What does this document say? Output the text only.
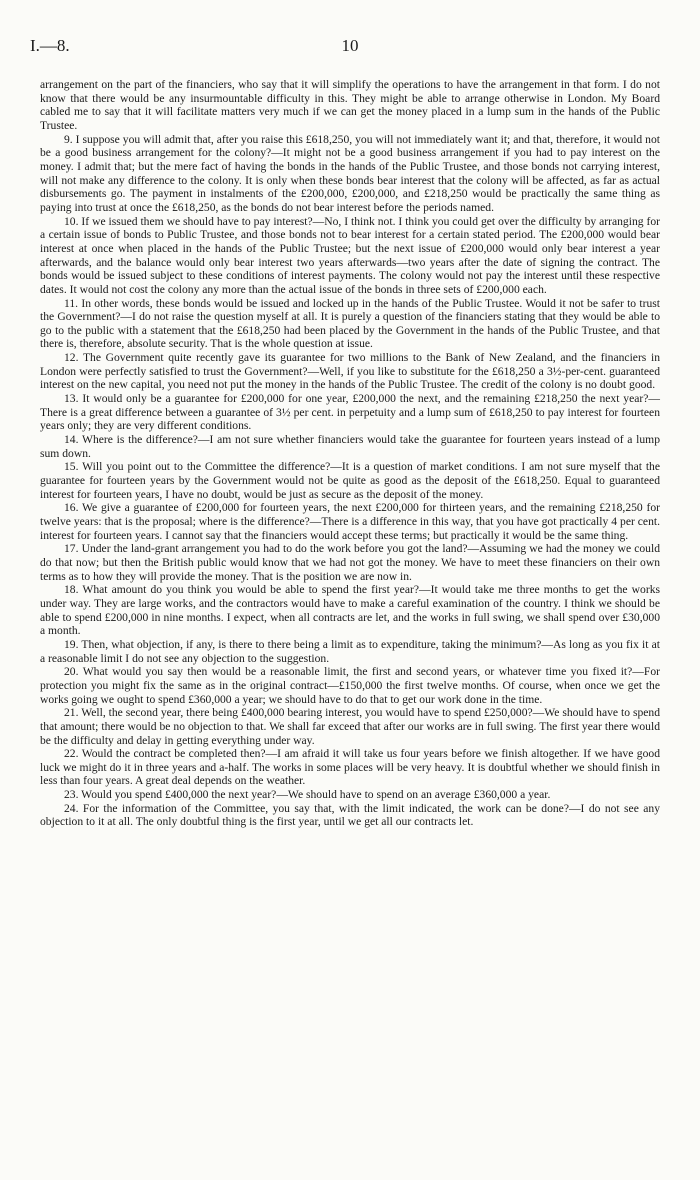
I.—8.	10

arrangement on the part of the financiers, who say that it will simplify the operations to have the arrangement in that form. I do not know that there would be any insurmountable difficulty in this. They might be able to arrange otherwise in London. My Board cabled me to say that it will facilitate matters very much if we can get the money placed in a lump sum in the hands of the Public Trustee.

9. I suppose you will admit that, after you raise this £618,250, you will not immediately want it; and that, therefore, it would not be a good business arrangement for the colony?—It might not be a good business arrangement if you had to pay interest on the money. I admit that; but the mere fact of having the bonds in the hands of the Public Trustee, and those bonds not carrying interest, will not make any difference to the colony. It is only when these bonds bear interest that the colony will be affected, as far as actual disbursements go. The payment in instalments of the £200,000, £200,000, and £218,250 would be practically the same thing as paying into trust at once the £618,250, as the bonds do not bear interest before the periods named.

10. If we issued them we should have to pay interest?—No, I think not. I think you could get over the difficulty by arranging for a certain issue of bonds to Public Trustee, and those bonds not to bear interest for a certain stated period. The £200,000 would bear interest at once when placed in the hands of the Public Trustee; but the next issue of £200,000 would only bear interest a year afterwards, and the balance would only bear interest two years afterwards—two years after the date of signing the contract. The bonds would be issued subject to these conditions of interest payments. The colony would not pay the interest until these respective dates. It would not cost the colony any more than the actual issue of the bonds in three sets of £200,000 each.

11. In other words, these bonds would be issued and locked up in the hands of the Public Trustee. Would it not be safer to trust the Government?—I do not raise the question myself at all. It is purely a question of the financiers stating that they would be able to go to the public with a statement that the £618,250 had been placed by the Government in the hands of the Public Trustee, and that there is, therefore, absolute security. That is the whole question at issue.

12. The Government quite recently gave its guarantee for two millions to the Bank of New Zealand, and the financiers in London were perfectly satisfied to trust the Government?—Well, if you like to substitute for the £618,250 a 3½-per-cent. guaranteed interest on the new capital, you need not put the money in the hands of the Public Trustee. The credit of the colony is no doubt good.

13. It would only be a guarantee for £200,000 for one year, £200,000 the next, and the remaining £218,250 the next year?—There is a great difference between a guarantee of 3½ per cent. in perpetuity and a lump sum of £618,250 to pay interest for fourteen years only; they are very different conditions.

14. Where is the difference?—I am not sure whether financiers would take the guarantee for fourteen years instead of a lump sum down.

15. Will you point out to the Committee the difference?—It is a question of market conditions. I am not sure myself that the guarantee for fourteen years by the Government would not be quite as good as the deposit of the £618,250. Equal to guaranteed interest for fourteen years, I have no doubt, would be just as secure as the deposit of the money.

16. We give a guarantee of £200,000 for fourteen years, the next £200,000 for thirteen years, and the remaining £218,250 for twelve years: that is the proposal; where is the difference?—There is a difference in this way, that you have got practically 4 per cent. interest for fourteen years. I cannot say that the financiers would accept these terms; but practically it would be the same thing.

17. Under the land-grant arrangement you had to do the work before you got the land?—Assuming we had the money we could do that now; but then the British public would know that we had not got the money. We have to meet these financiers on their own terms as to how they will provide the money. That is the position we are now in.

18. What amount do you think you would be able to spend the first year?—It would take me three months to get the works under way. They are large works, and the contractors would have to make a careful examination of the country. I think we should be able to spend £200,000 in nine months. I expect, when all contracts are let, and the works in full swing, we shall spend over £30,000 a month.

19. Then, what objection, if any, is there to there being a limit as to expenditure, taking the minimum?—As long as you fix it at a reasonable limit I do not see any objection to the suggestion.

20. What would you say then would be a reasonable limit, the first and second years, or whatever time you fixed it?—For protection you might fix the same as in the original contract—£150,000 the first twelve months. Of course, when once we get the works going we ought to spend £360,000 a year; we should have to do that to get our work done in the time.

21. Well, the second year, there being £400,000 bearing interest, you would have to spend £250,000?—We should have to spend that amount; there would be no objection to that. We shall far exceed that after our works are in full swing. The first year there would be the difficulty and delay in getting everything under way.

22. Would the contract be completed then?—I am afraid it will take us four years before we finish altogether. If we have good luck we might do it in three years and a-half. The works in some places will be very heavy. It is doubtful whether we should finish in less than four years. A great deal depends on the weather.

23. Would you spend £400,000 the next year?—We should have to spend on an average £360,000 a year.

24. For the information of the Committee, you say that, with the limit indicated, the work can be done?—I do not see any objection to it at all. The only doubtful thing is the first year, until we get all our contracts let.
